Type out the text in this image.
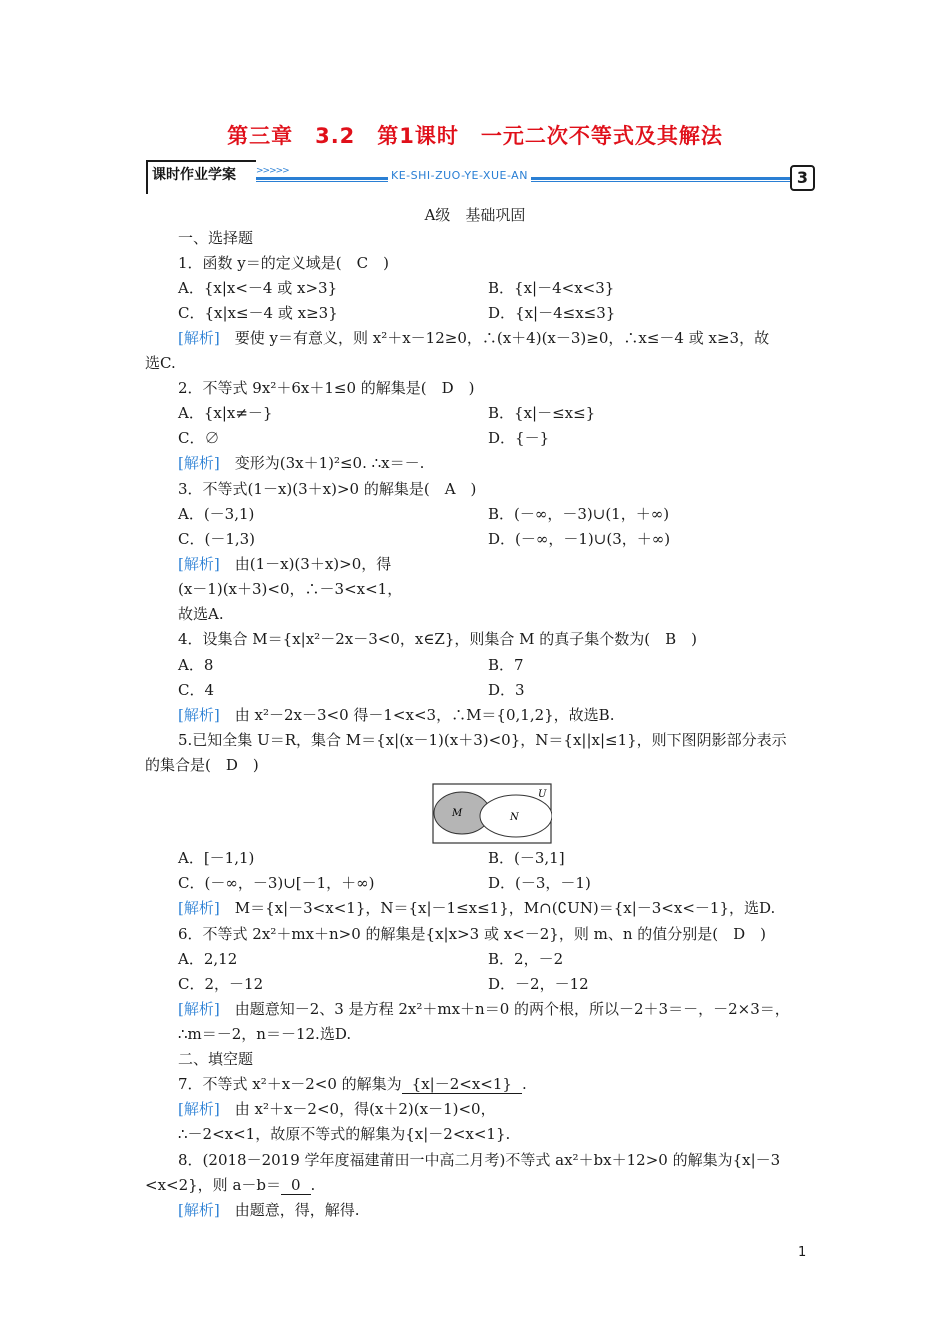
第三章　3.2　第1课时　一元二次不等式及其解法
课时作业学案 >>>>>	KE-SHI-ZUO-YE-XUE-AN	3
A级　基础巩固
一、选择题
1．函数 y＝的定义域是(　C　)
A．{x|x<－4 或 x>3}	B．{x|－4<x<3}
C．{x|x≤－4 或 x≥3}	D．{x|－4≤x≤3}
[解析]　要使 y＝有意义，则 x²＋x－12≥0，∴(x＋4)(x－3)≥0，∴x≤－4 或 x≥3，故
选C.
2．不等式 9x²＋6x＋1≤0 的解集是(　D　)
A．{x|x≠－}	B．{x|－≤x≤}
C．∅	D．{－}
[解析]　变形为(3x＋1)²≤0. ∴x＝－.
3．不等式(1－x)(3＋x)>0 的解集是(　A　)
A．(－3,1)	B．(－∞，－3)∪(1，＋∞)
C．(－1,3)	D．(－∞，－1)∪(3，＋∞)
[解析]　由(1－x)(3＋x)>0，得
(x－1)(x＋3)<0，∴－3<x<1，
故选A.
4．设集合 M＝{x|x²－2x－3<0，x∈Z}，则集合 M 的真子集个数为(　B　)
A．8	B．7
C．4	D．3
[解析]　由 x²－2x－3<0 得－1<x<3，∴M＝{0,1,2}，故选B.
5.已知全集 U＝R，集合 M＝{x|(x－1)(x＋3)<0}，N＝{x||x|≤1}，则下图阴影部分表示
的集合是(　D　)
U
M	N
A．[－1,1)	B．(－3,1]
C．(－∞，－3)∪[－1，＋∞)	D．(－3，－1)
[解析]　M＝{x|－3<x<1}，N＝{x|－1≤x≤1}，M∩(∁UN)＝{x|－3<x<－1}，选D.
6．不等式 2x²＋mx＋n>0 的解集是{x|x>3 或 x<－2}，则 m、n 的值分别是(　D　)
A．2,12	B．2，－2
C．2，－12	D．－2，－12
[解析]　由题意知－2、3 是方程 2x²＋mx＋n＝0 的两个根，所以－2＋3＝－，－2×3＝，
∴m＝－2，n＝－12.选D.
二、填空题
7．不等式 x²＋x－2<0 的解集为 {x|－2<x<1} .
[解析]　由 x²＋x－2<0，得(x＋2)(x－1)<0，
∴－2<x<1，故原不等式的解集为{x|－2<x<1}.
8．(2018－2019 学年度福建莆田一中高二月考)不等式 ax²＋bx＋12>0 的解集为{x|－3
<x<2}，则 a－b＝ 0 .
[解析]　由题意，得，解得.
1
